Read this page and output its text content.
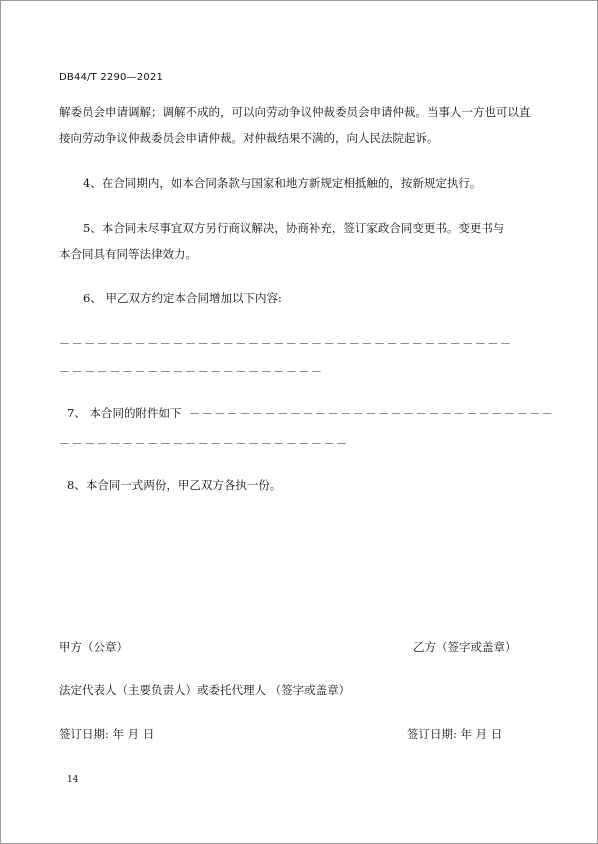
DB44/T 2290—2021
解委员会申请调解；调解不成的，可以向劳动争议仲裁委员会申请仲裁。当事人一方也可以直
接向劳动争议仲裁委员会申请仲裁。对仲裁结果不满的，向人民法院起诉。
4、在合同期内，如本合同条款与国家和地方新规定相抵触的，按新规定执行。
5、本合同未尽事宜双方另行商议解决，协商补充，签订家政合同变更书。变更书与
本合同具有同等法律效力。
6、 甲乙双方约定本合同增加以下内容:
－－－－－－－－－－－－－－－－－－－－－－－－－－－－－－－－－－－－
－－－－－－－－－－－－－－－－－－－－－
7、 本合同的附件如下 －－－－－－－－－－－－－－－－－－－－－－－－－－－－－
－－－－－－－－－－－－－－－－－－－－－－－
8、本合同一式两份，甲乙双方各执一份。
甲方（公章）	乙方（签字或盖章）
法定代表人（主要负责人）或委托代理人 （签字或盖章）
签订日期: 年 月 日	签订日期: 年 月 日
14
